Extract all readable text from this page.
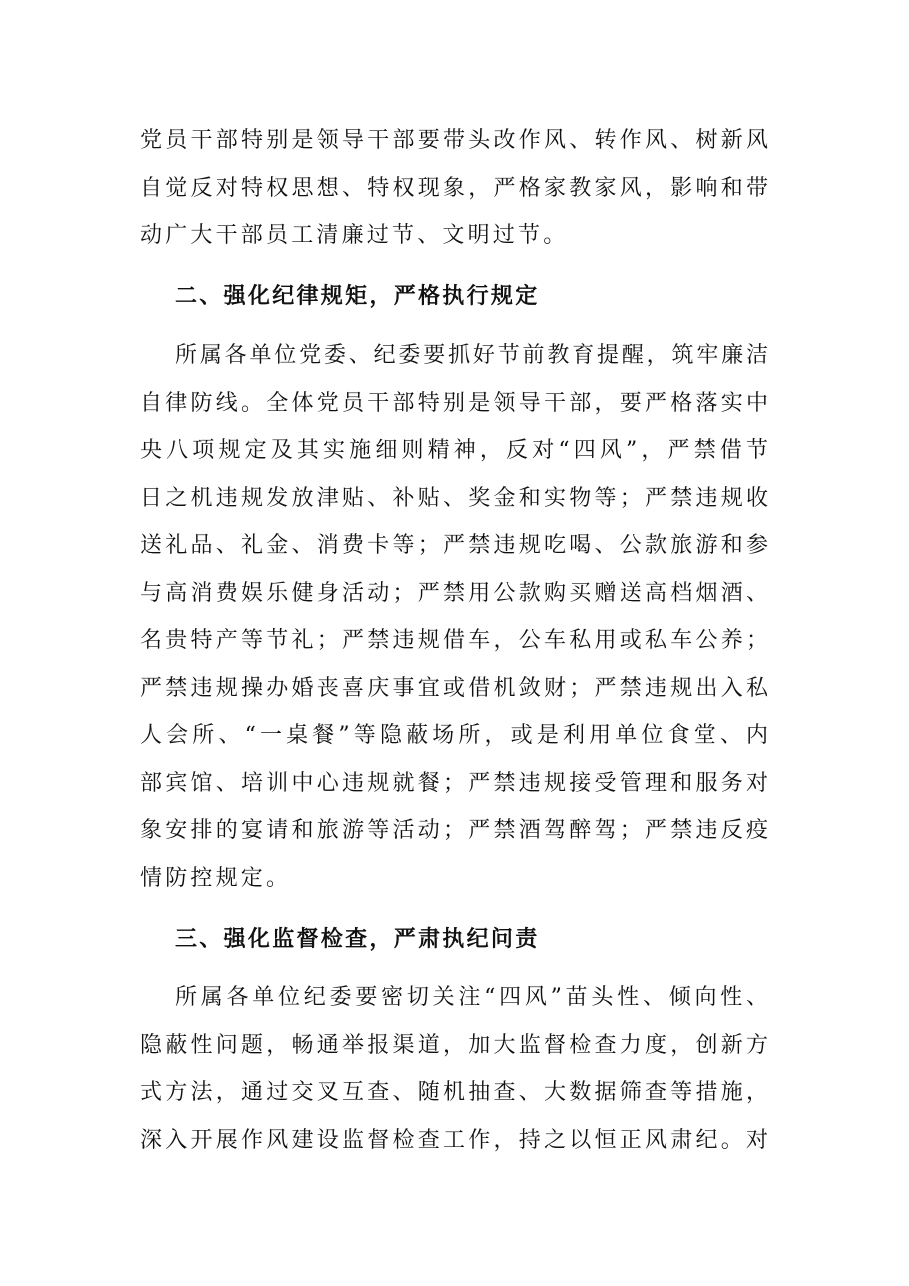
党员干部特别是领导干部要带头改作风、转作风、树新风
自觉反对特权思想、特权现象，严格家教家风，影响和带
动广大干部员工清廉过节、文明过节。
二、强化纪律规矩，严格执行规定
所属各单位党委、纪委要抓好节前教育提醒，筑牢廉洁
自律防线。全体党员干部特别是领导干部，要严格落实中
央八项规定及其实施细则精神，反对“四风”，严禁借节
日之机违规发放津贴、补贴、奖金和实物等；严禁违规收
送礼品、礼金、消费卡等；严禁违规吃喝、公款旅游和参
与高消费娱乐健身活动；严禁用公款购买赠送高档烟酒、
名贵特产等节礼；严禁违规借车，公车私用或私车公养；
严禁违规操办婚丧喜庆事宜或借机敛财；严禁违规出入私
人会所、“一桌餐”等隐蔽场所，或是利用单位食堂、内
部宾馆、培训中心违规就餐；严禁违规接受管理和服务对
象安排的宴请和旅游等活动；严禁酒驾醉驾；严禁违反疫
情防控规定。
三、强化监督检查，严肃执纪问责
所属各单位纪委要密切关注“四风”苗头性、倾向性、
隐蔽性问题，畅通举报渠道，加大监督检查力度，创新方
式方法，通过交叉互查、随机抽查、大数据筛查等措施，
深入开展作风建设监督检查工作，持之以恒正风肃纪。对
